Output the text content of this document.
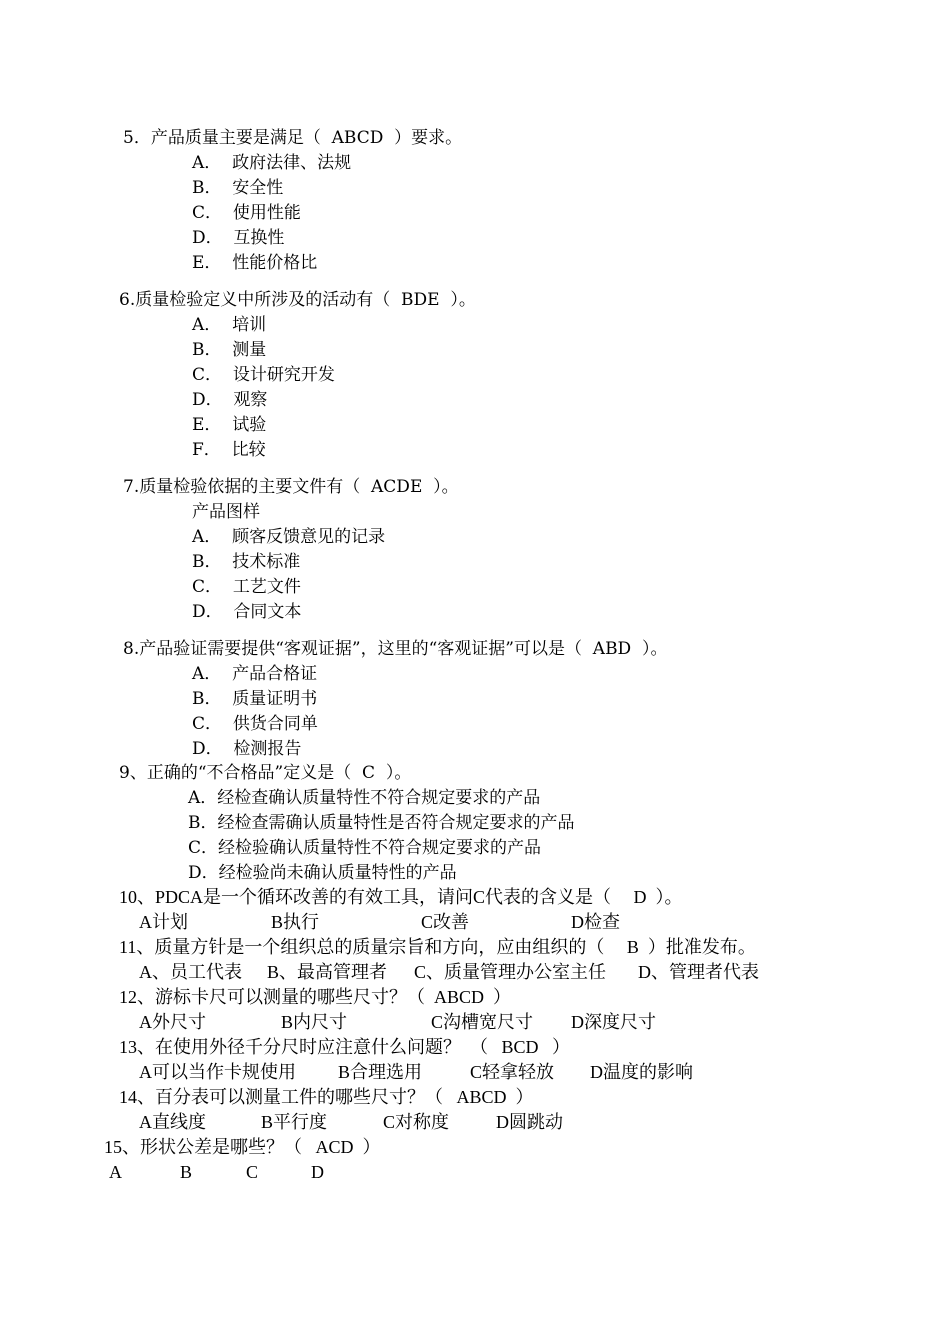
5．产品质量主要是满足（  ABCD  ）要求。
A．  政府法律、法规
B．  安全性
C．  使用性能
D．  互换性
E．  性能价格比
6.质量检验定义中所涉及的活动有（  BDE  ）。
A．  培训
B．  测量
C．  设计研究开发
D．  观察
E．  试验
F．  比较
7.质量检验依据的主要文件有（  ACDE  ）。
产品图样
A．  顾客反馈意见的记录
B．  技术标准
C．  工艺文件
D．  合同文本
8.产品验证需要提供“客观证据”，这里的“客观证据”可以是（  ABD  ）。
A．  产品合格证
B．  质量证明书
C．  供货合同单
D．  检测报告
9、正确的“不合格品”定义是（  C  ）。
A．经检查确认质量特性不符合规定要求的产品
B．经检查需确认质量特性是否符合规定要求的产品
C．经检验确认质量特性不符合规定要求的产品
D．经检验尚未确认质量特性的产品
10、PDCA是一个循环改善的有效工具，请问C代表的含义是（     D  ）。
A计划	B执行	C改善	D检查
11、质量方针是一个组织总的质量宗旨和方向，应由组织的（     B  ）批准发布。
A、员工代表 B、最高管理者 C、质量管理办公室主任 D、管理者代表
12、游标卡尺可以测量的哪些尺寸？（  ABCD  ）
A外尺寸	B内尺寸	C沟槽宽尺寸 D深度尺寸
13、在使用外径千分尺时应注意什么问题？  （   BCD   ）
A可以当作卡规使用 B合理选用	C轻拿轻放 D温度的影响
14、百分表可以测量工件的哪些尺寸？（   ABCD  ）
A直线度	B平行度	C对称度	D圆跳动
15、形状公差是哪些？（   ACD  ）
A	B	C	D
